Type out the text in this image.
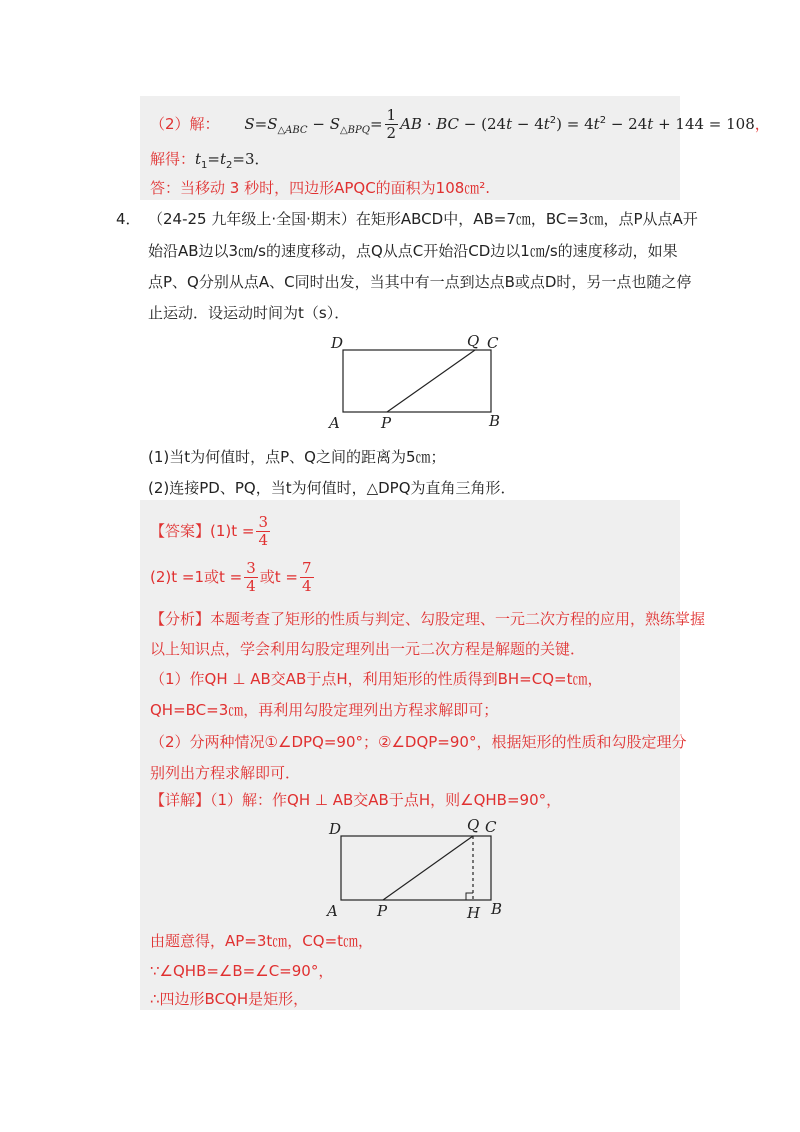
（2）解： $S=S_{\triangle ABC} - S_{\triangle BPQ}= \frac{1}{2}$ AB · BC − $(24t - 4t^2) = 4t^2 - 24t + 144 = 108$，
解得：$t_1=t_2=3$．
答：当移动 3 秒时，四边形APQC的面积为108㎝².
4． （24-25 九年级上·全国·期末）在矩形ABCD中，AB=7㎝，BC=3㎝，点P从点A开
始沿AB边以3㎝/s的速度移动，点Q从点C开始沿CD边以1㎝/s的速度移动，如果
点P、Q分别从点A、C同时出发，当其中有一点到达点B或点D时，另一点也随之停
止运动．设运动时间为t（s）．
D	Q C
A	P	B
(1)当t为何值时，点P、Q之间的距离为5㎝；
(2)连接PD、PQ，当t为何值时，△DPQ为直角三角形．
【答案】$(1)t = \frac{3}{4}$
(2)t =1或$t = \frac{3}{4}$ 或$t = \frac{7}{4}$
【分析】本题考查了矩形的性质与判定、勾股定理、一元二次方程的应用，熟练掌握
以上知识点，学会利用勾股定理列出一元二次方程是解题的关键．
（1）作QH ⊥ AB交AB于点H，利用矩形的性质得到BH=CQ=t㎝，
QH=BC=3㎝，再利用勾股定理列出方程求解即可；
（2）分两种情况①∠DPQ=90°；②∠DQP=90°，根据矩形的性质和勾股定理分
别列出方程求解即可．
【详解】（1）解：作QH ⊥ AB交AB于点H，则∠QHB=90°，
D	Q C
A	P	H B
由题意得，AP=3t㎝，CQ=t㎝，
∵∠QHB=∠B=∠C=90°，
∴四边形BCQH是矩形，
